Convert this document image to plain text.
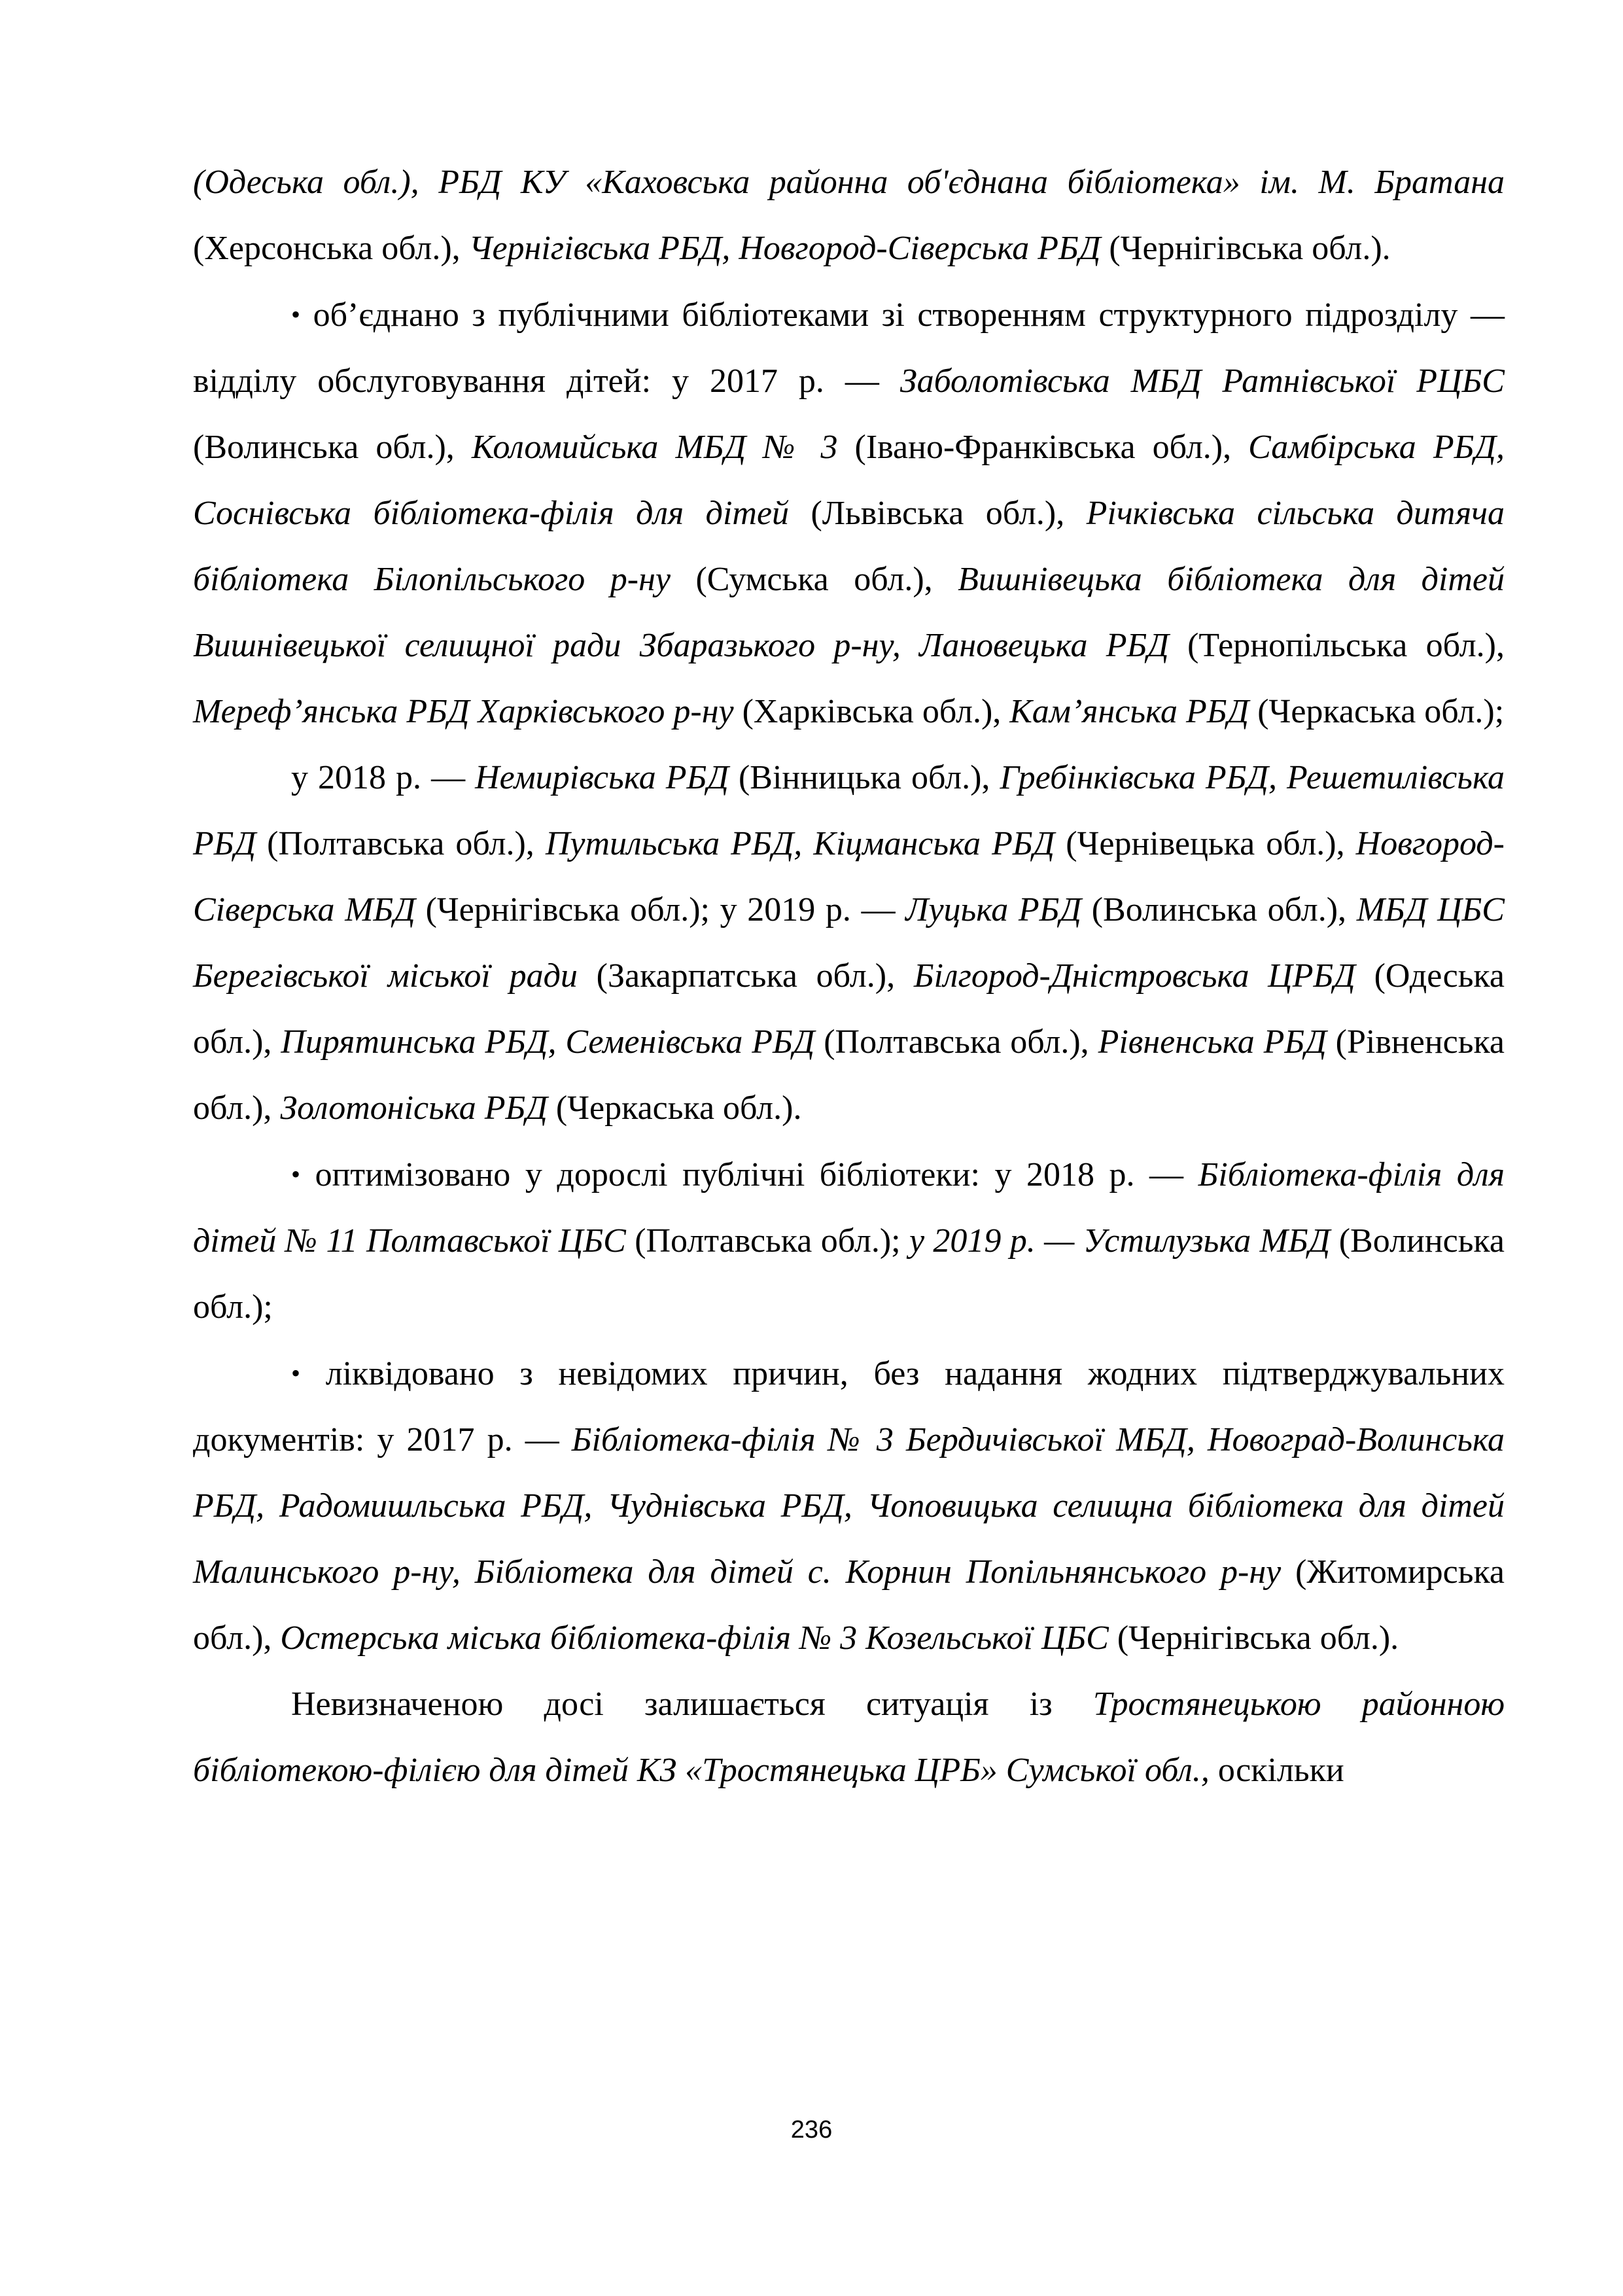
(Одеська обл.), РБД КУ «Каховська районна об'єднана бібліотека» ім. М. Братана (Херсонська обл.), Чернігівська РБД, Новгород-Сіверська РБД (Чернігівська обл.).

• об’єднано з публічними бібліотеками зі створенням структурного підрозділу — відділу обслуговування дітей: у 2017 р. — Заболотівська МБД Ратнівської РЦБС (Волинська обл.), Коломийська МБД № 3 (Івано-Франківська обл.), Самбірська РБД, Соснівська бібліотека-філія для дітей (Львівська обл.), Річківська сільська дитяча бібліотека Білопільського р-ну (Сумська обл.), Вишнівецька бібліотека для дітей Вишнівецької селищної ради Збаразького р-ну, Лановецька РБД (Тернопільська обл.), Мереф’янська РБД Харківського р-ну (Харківська обл.), Кам’янська РБД (Черкаська обл.);

у 2018 р. — Немирівська РБД (Вінницька обл.), Гребінківська РБД, Решетилівська РБД (Полтавська обл.), Путильська РБД, Кіцманська РБД (Чернівецька обл.), Новгород-Сіверська МБД (Чернігівська обл.); у 2019 р. — Луцька РБД (Волинська обл.), МБД ЦБС Берегівської міської ради (Закарпатська обл.), Білгород-Дністровська ЦРБД (Одеська обл.), Пирятинська РБД, Семенівська РБД (Полтавська обл.), Рівненська РБД (Рівненська обл.), Золотоніська РБД (Черкаська обл.).

• оптимізовано у дорослі публічні бібліотеки: у 2018 р. — Бібліотека-філія для дітей № 11 Полтавської ЦБС (Полтавська обл.); у 2019 р. — Устилузька МБД (Волинська обл.);

• ліквідовано з невідомих причин, без надання жодних підтверджувальних документів: у 2017 р. — Бібліотека-філія № 3 Бердичівської МБД, Новоград-Волинська РБД, Радомишльська РБД, Чуднівська РБД, Чоповицька селищна бібліотека для дітей Малинського р-ну, Бібліотека для дітей с. Корнин Попільнянського р-ну (Житомирська обл.), Остерська міська бібліотека-філія № 3 Козельської ЦБС (Чернігівська обл.).

Невизначеною досі залишається ситуація із Тростянецькою районною бібліотекою-філією для дітей КЗ «Тростянецька ЦРБ» Сумської обл., оскільки

236
